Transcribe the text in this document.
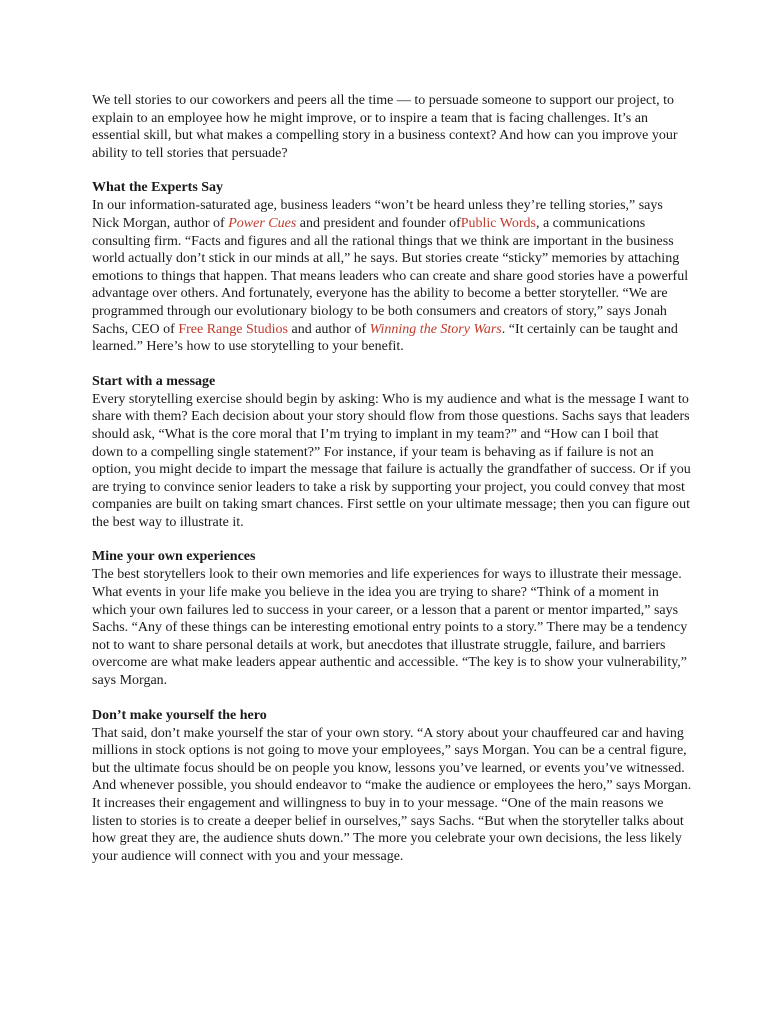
We tell stories to our coworkers and peers all the time — to persuade someone to support our project, to explain to an employee how he might improve, or to inspire a team that is facing challenges. It’s an essential skill, but what makes a compelling story in a business context? And how can you improve your ability to tell stories that persuade?

What the Experts Say

In our information-saturated age, business leaders “won’t be heard unless they’re telling stories,” says Nick Morgan, author of Power Cues and president and founder ofPublic Words, a communications consulting firm. “Facts and figures and all the rational things that we think are important in the business world actually don’t stick in our minds at all,” he says. But stories create “sticky” memories by attaching emotions to things that happen. That means leaders who can create and share good stories have a powerful advantage over others. And fortunately, everyone has the ability to become a better storyteller. “We are programmed through our evolutionary biology to be both consumers and creators of story,” says Jonah Sachs, CEO of Free Range Studios and author of Winning the Story Wars. “It certainly can be taught and learned.” Here’s how to use storytelling to your benefit.

Start with a message

Every storytelling exercise should begin by asking: Who is my audience and what is the message I want to share with them? Each decision about your story should flow from those questions. Sachs says that leaders should ask, “What is the core moral that I’m trying to implant in my team?” and “How can I boil that down to a compelling single statement?” For instance, if your team is behaving as if failure is not an option, you might decide to impart the message that failure is actually the grandfather of success. Or if you are trying to convince senior leaders to take a risk by supporting your project, you could convey that most companies are built on taking smart chances. First settle on your ultimate message; then you can figure out the best way to illustrate it.

Mine your own experiences

The best storytellers look to their own memories and life experiences for ways to illustrate their message. What events in your life make you believe in the idea you are trying to share? “Think of a moment in which your own failures led to success in your career, or a lesson that a parent or mentor imparted,” says Sachs. “Any of these things can be interesting emotional entry points to a story.” There may be a tendency not to want to share personal details at work, but anecdotes that illustrate struggle, failure, and barriers overcome are what make leaders appear authentic and accessible. “The key is to show your vulnerability,” says Morgan.

Don’t make yourself the hero

That said, don’t make yourself the star of your own story. “A story about your chauffeured car and having millions in stock options is not going to move your employees,” says Morgan. You can be a central figure, but the ultimate focus should be on people you know, lessons you’ve learned, or events you’ve witnessed. And whenever possible, you should endeavor to “make the audience or employees the hero,” says Morgan. It increases their engagement and willingness to buy in to your message. “One of the main reasons we listen to stories is to create a deeper belief in ourselves,” says Sachs. “But when the storyteller talks about how great they are, the audience shuts down.” The more you celebrate your own decisions, the less likely your audience will connect with you and your message.
